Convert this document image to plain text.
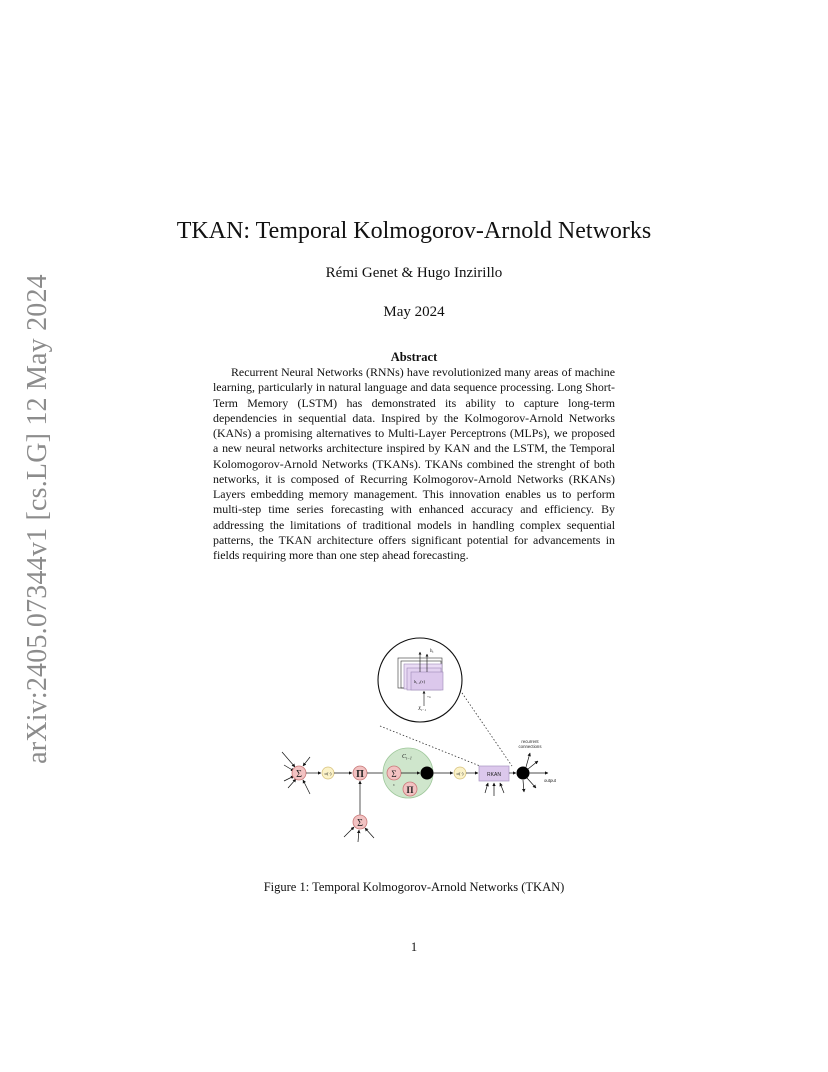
arXiv:2405.07344v1 [cs.LG] 12 May 2024
TKAN: Temporal Kolmogorov-Arnold Networks
Rémi Genet & Hugo Inzirillo
May 2024
Abstract

Recurrent Neural Networks (RNNs) have revolutionized many areas of machine learning, particularly in natural language and data sequence processing. Long Short-Term Memory (LSTM) has demonstrated its ability to capture long-term dependencies in sequential data. Inspired by the Kolmogorov-Arnold Networks (KANs) a promising alternatives to Multi-Layer Perceptrons (MLPs), we proposed a new neural networks architecture inspired by KAN and the LSTM, the Temporal Kolomogorov-Arnold Networks (TKANs). TKANs combined the strenght of both networks, it is composed of Recurring Kolmogorov-Arnold Networks (RKANs) Layers embedding memory management. This innovation enables us to perform multi-step time series forecasting with enhanced accuracy and efficiency. By addressing the limitations of traditional models in handling complex sequential patterns, the TKAN architecture offers significant potential for advancements in fields requiring more than one step ahead forecasting.

$h_t$
$h_{t-1}(\tau)$
+x
$X_{t-1}$
Σ	σ(·) Π
Σ
$C_{t-1}$
Σ
c
Π
σ(·)	RKAN
recurrent
connections
output
Figure 1: Temporal Kolmogorov-Arnold Networks (TKAN)
1
